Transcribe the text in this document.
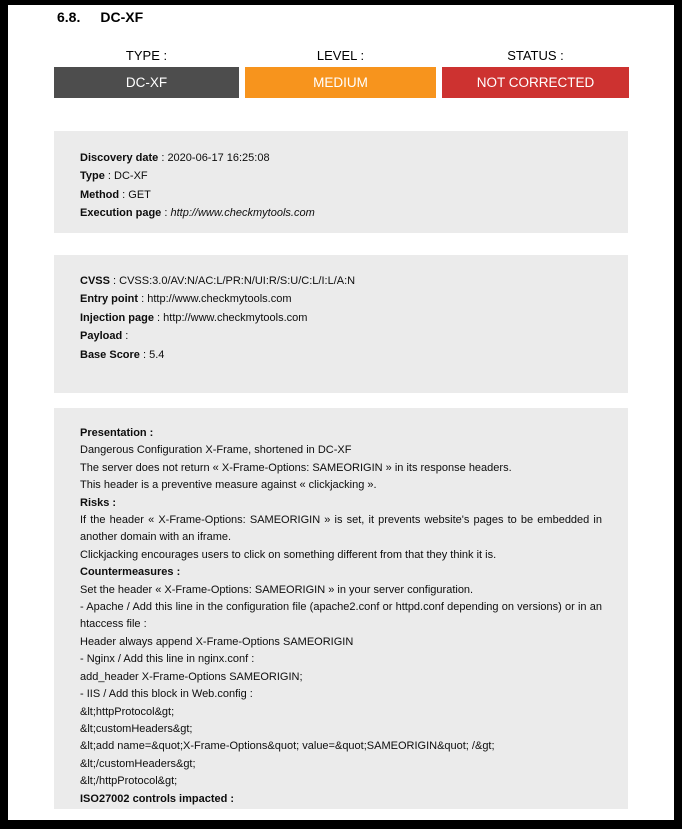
6.8. DC-XF
TYPE :	LEVEL :	STATUS :
DC-XF	MEDIUM	NOT CORRECTED
Discovery date : 2020-06-17 16:25:08
Type : DC-XF
Method : GET
Execution page : http://www.checkmytools.com
CVSS : CVSS:3.0/AV:N/AC:L/PR:N/UI:R/S:U/C:L/I:L/A:N
Entry point : http://www.checkmytools.com
Injection page : http://www.checkmytools.com
Payload :
Base Score : 5.4
Presentation :
Dangerous Configuration X-Frame, shortened in DC-XF
The server does not return « X-Frame-Options: SAMEORIGIN » in its response headers.
This header is a preventive measure against « clickjacking ».
Risks :
If the header « X-Frame-Options: SAMEORIGIN » is set, it prevents website's pages to be embedded in another domain with an iframe.
Clickjacking encourages users to click on something different from that they think it is.
Countermeasures :
Set the header « X-Frame-Options: SAMEORIGIN » in your server configuration.
- Apache / Add this line in the configuration file (apache2.conf or httpd.conf depending on versions) or in an htaccess file :
Header always append X-Frame-Options SAMEORIGIN
- Nginx / Add this line in nginx.conf :
add_header X-Frame-Options SAMEORIGIN;
- IIS / Add this block in Web.config :
&lt;httpProtocol&gt;
&lt;customHeaders&gt;
&lt;add name=&quot;X-Frame-Options&quot; value=&quot;SAMEORIGIN&quot; /&gt;
&lt;/customHeaders&gt;
&lt;/httpProtocol&gt;
ISO27002 controls impacted :
